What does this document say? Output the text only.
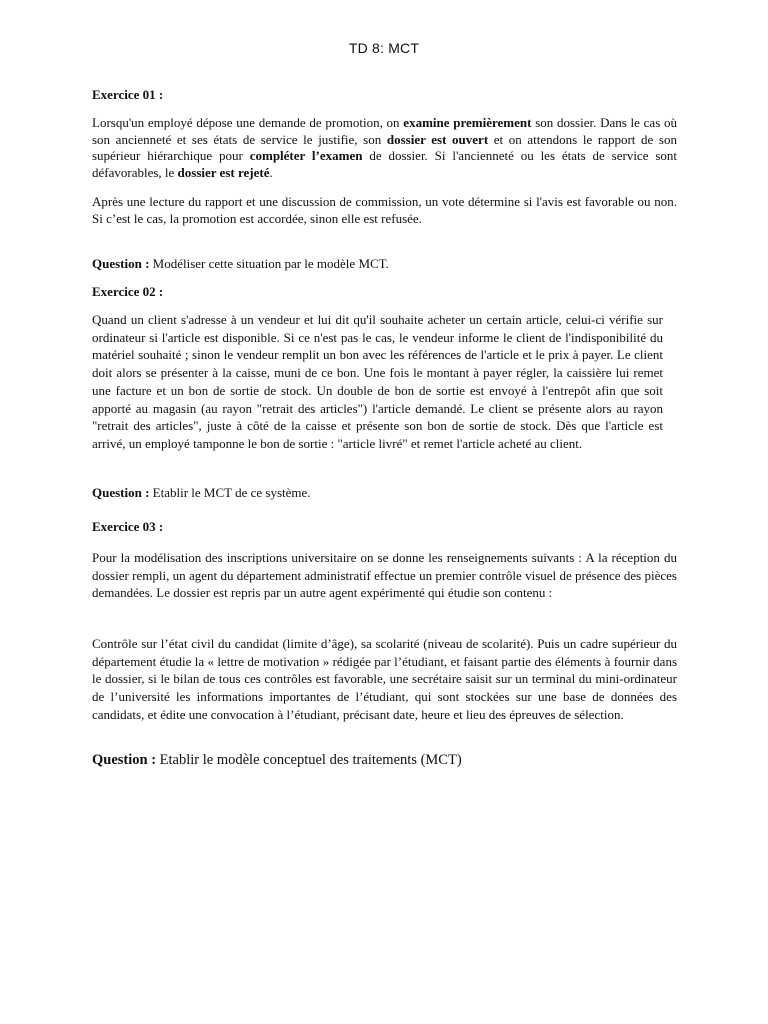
TD 8: MCT
Exercice 01 :

Lorsqu'un employé dépose une demande de promotion, on examine premièrement son dossier. Dans le cas où son ancienneté et ses états de service le justifie, son dossier est ouvert et on attendons le rapport de son supérieur hiérarchique pour compléter l’examen de dossier. Si l'ancienneté ou les états de service sont défavorables, le dossier est rejeté.

Après une lecture du rapport et une discussion de commission, un vote détermine si l'avis est favorable ou non. Si c’est le cas, la promotion est accordée, sinon elle est refusée.

Question : Modéliser cette situation par le modèle MCT.
Exercice 02 :

Quand un client s'adresse à un vendeur et lui dit qu'il souhaite acheter un certain article, celui-ci vérifie sur ordinateur si l'article est disponible. Si ce n'est pas le cas, le vendeur informe le client de l'indisponibilité du matériel souhaité ; sinon le vendeur remplit un bon avec les références de l'article et le prix à payer. Le client doit alors se présenter à la caisse, muni de ce bon. Une fois le montant à payer régler, la caissière lui remet une facture et un bon de sortie de stock. Un double de bon de sortie est envoyé à l'entrepôt afin que soit apporté au magasin (au rayon "retrait des articles") l'article demandé. Le client se présente alors au rayon "retrait des articles", juste à côté de la caisse et présente son bon de sortie de stock. Dès que l'article est arrivé, un employé tamponne le bon de sortie : "article livré" et remet l'article acheté au client.

Question : Etablir le MCT de ce système.
Exercice 03 :

Pour la modélisation des inscriptions universitaire on se donne les renseignements suivants : A la réception du dossier rempli, un agent du département administratif effectue un premier contrôle visuel de présence des pièces demandées. Le dossier est repris par un autre agent expérimenté qui étudie son contenu :

Contrôle sur l’état civil du candidat (limite d’âge), sa scolarité (niveau de scolarité). Puis un cadre supérieur du département étudie la « lettre de motivation » rédigée par l’étudiant, et faisant partie des éléments à fournir dans le dossier, si le bilan de tous ces contrôles est favorable, une secrétaire saisit sur un terminal du mini-ordinateur de l’université les informations importantes de l’étudiant, qui sont stockées sur une base de données des candidats, et édite une convocation à l’étudiant, précisant date, heure et lieu des épreuves de sélection.

Question : Etablir le modèle conceptuel des traitements (MCT)
